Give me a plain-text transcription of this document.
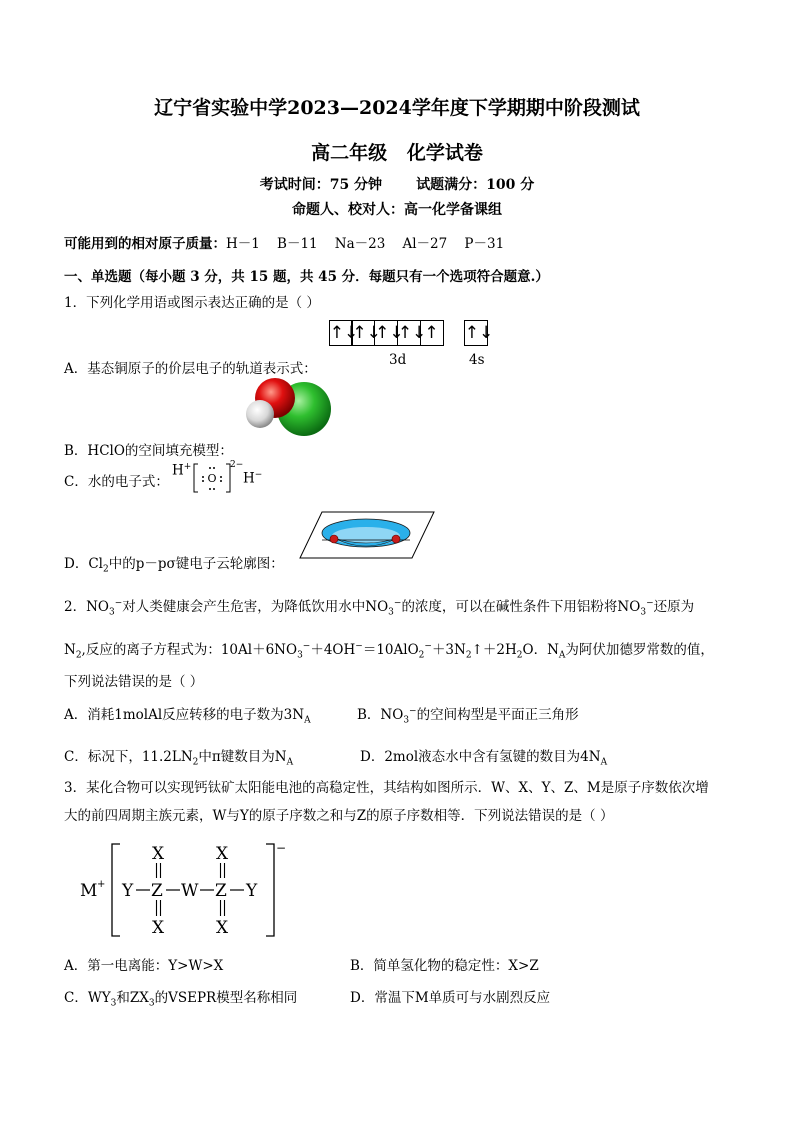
辽宁省实验中学2023—2024学年度下学期期中阶段测试
高二年级   化学试卷
考试时间：75 分钟       试题满分：100 分
命题人、校对人：高一化学备课组
可能用到的相对原子质量：H－1    B－11    Na－23    Al－27    P－31
一、单选题（每小题 3 分，共 15 题，共 45 分．每题只有一个选项符合题意.）
1．下列化学用语或图示表达正确的是（ ）
↑↓↑↓↑↓↑↓↑ ↑↓
3d	4s
A．基态铜原子的价层电子的轨道表示式：
B．HClO的空间填充模型：
C．水的电子式：
H+
O
2−
H−
D．$Cl_2$中的p－pσ键电子云轮廓图：
2．$NO_3^-$对人类健康会产生危害，为降低饮用水中$NO_3^-$的浓度，可以在碱性条件下用铝粉将$NO_3^-$还原为
$N_2$,反应的离子方程式为：$10Al+6NO_3^-+4OH^-=10AlO_2^-+3N_2↑+2H_2O$．$N_A$为阿伏加德罗常数的值，
下列说法错误的是（ ）
A．消耗1molAl反应转移的电子数为$3N_A$	B．$NO_3^-$的空间构型是平面正三角形
C．标况下，$11.2LN_2$中π键数目为$N_A$	D．2mol液态水中含有氢键的数目为$4N_A$
3．某化合物可以实现钙钛矿太阳能电池的高稳定性，其结构如图所示．W、X、Y、Z、M是原子序数依次增
大的前四周期主族元素，W与Y的原子序数之和与Z的原子序数相等．下列说法错误的是（ ）
M +
−
Y Z W Z Y
X	X
X	X
A．第一电离能：Y>W>X	B．简单氢化物的稳定性：X>Z
C．$WY_3$和$ZX_3$的VSEPR模型名称相同	D．常温下M单质可与水剧烈反应
